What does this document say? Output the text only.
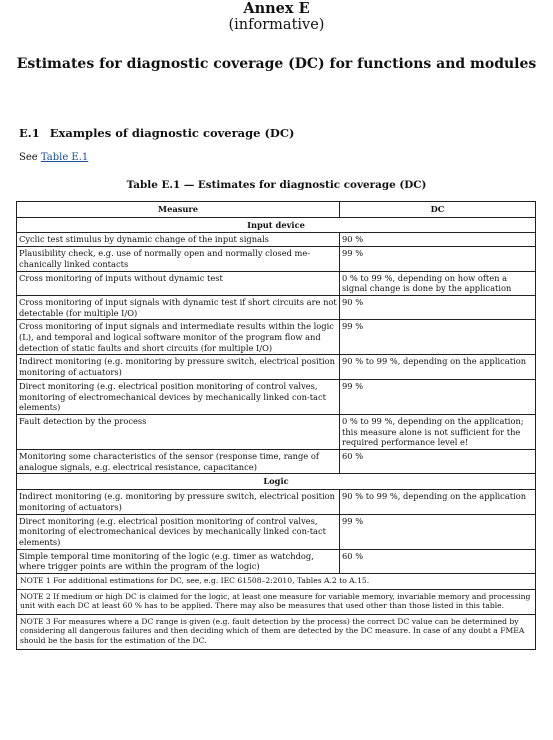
Annex E
(informative)
Estimates for diagnostic coverage (DC) for functions and modules
E.1 Examples of diagnostic coverage (DC)
See Table E.1
Table E.1 — Estimates for diagnostic coverage (DC)
Measure	DC
Input device	
Cyclic test stimulus by dynamic change of the input signals	90 %
Plausibility check, e.g. use of normally open and normally closed me-chanically linked contacts	99 %
Cross monitoring of inputs without dynamic test	0 % to 99 %, depending on how often a signal change is done by the application
Cross monitoring of input signals with dynamic test if short circuits are not detectable (for multiple I/O)	90 %
Cross monitoring of input signals and intermediate results within the logic (L), and temporal and logical software monitor of the program flow and detection of static faults and short circuits (for multiple I/O)	99 %
Indirect monitoring (e.g. monitoring by pressure switch, electrical position monitoring of actuators)	90 % to 99 %, depending on the application
Direct monitoring (e.g. electrical position monitoring of control valves, monitoring of electromechanical devices by mechanically linked con-tact elements)	99 %
Fault detection by the process	0 % to 99 %, depending on the application; this measure alone is not sufficient for the required performance level e!
Monitoring some characteristics of the sensor (response time, range of analogue signals, e.g. electrical resistance, capacitance)	60 %
Logic	
Indirect monitoring (e.g. monitoring by pressure switch, electrical position monitoring of actuators)	90 % to 99 %, depending on the application
Direct monitoring (e.g. electrical position monitoring of control valves, monitoring of electromechanical devices by mechanically linked con-tact elements)	99 %
Simple temporal time monitoring of the logic (e.g. timer as watchdog, where trigger points are within the program of the logic)	60 %
NOTE 1 For additional estimations for DC, see, e.g. IEC 61508–2:2010, Tables A.2 to A.15.	
NOTE 2 If medium or high DC is claimed for the logic, at least one measure for variable memory, invariable memory and processing unit with each DC at least 60 % has to be applied. There may also be measures that used other than those listed in this table.	
NOTE 3 For measures where a DC range is given (e.g. fault detection by the process) the correct DC value can be determined by considering all dangerous failures and then deciding which of them are detected by the DC measure. In case of any doubt a FMEA should be the basis for the estimation of the DC.	
